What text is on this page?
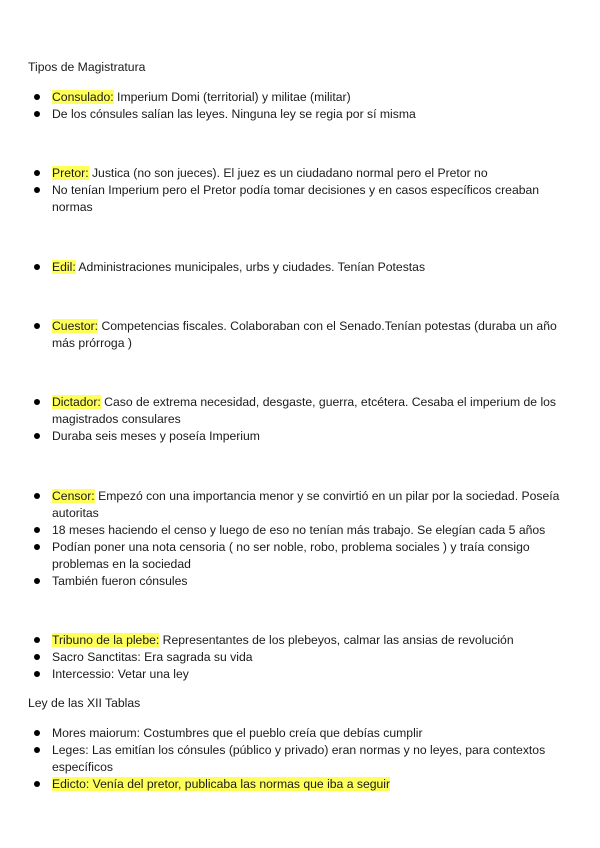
Tipos de Magistratura
Consulado: Imperium Domi (territorial) y militae (militar)
De los cónsules salían las leyes. Ninguna ley se regia por sí misma
Pretor: Justica (no son jueces). El juez es un ciudadano normal pero el Pretor no
No tenían Imperium pero el Pretor podía tomar decisiones y en casos específicos creaban normas
Edil: Administraciones municipales, urbs y ciudades. Tenían Potestas
Cuestor: Competencias fiscales. Colaboraban con el Senado.Tenían potestas (duraba un año más prórroga )
Dictador: Caso de extrema necesidad, desgaste, guerra, etcétera. Cesaba el imperium de los magistrados consulares
Duraba seis meses y poseía Imperium
Censor: Empezó con una importancia menor y se convirtió en un pilar por la sociedad. Poseía autoritas
18 meses haciendo el censo y luego de eso no tenían más trabajo. Se elegían cada 5 años
Podían poner una nota censoria ( no ser noble, robo, problema sociales ) y traía consigo problemas en la sociedad
También fueron cónsules
Tribuno de la plebe: Representantes de los plebeyos, calmar las ansias de revolución
Sacro Sanctitas: Era sagrada su vida
Intercessio: Vetar una ley
Ley de las XII Tablas
Mores maiorum: Costumbres que el pueblo creía que debías cumplir
Leges: Las emitían los cónsules (público y privado) eran normas y no leyes, para contextos específicos
Edicto: Venía del pretor, publicaba las normas que iba a seguir
